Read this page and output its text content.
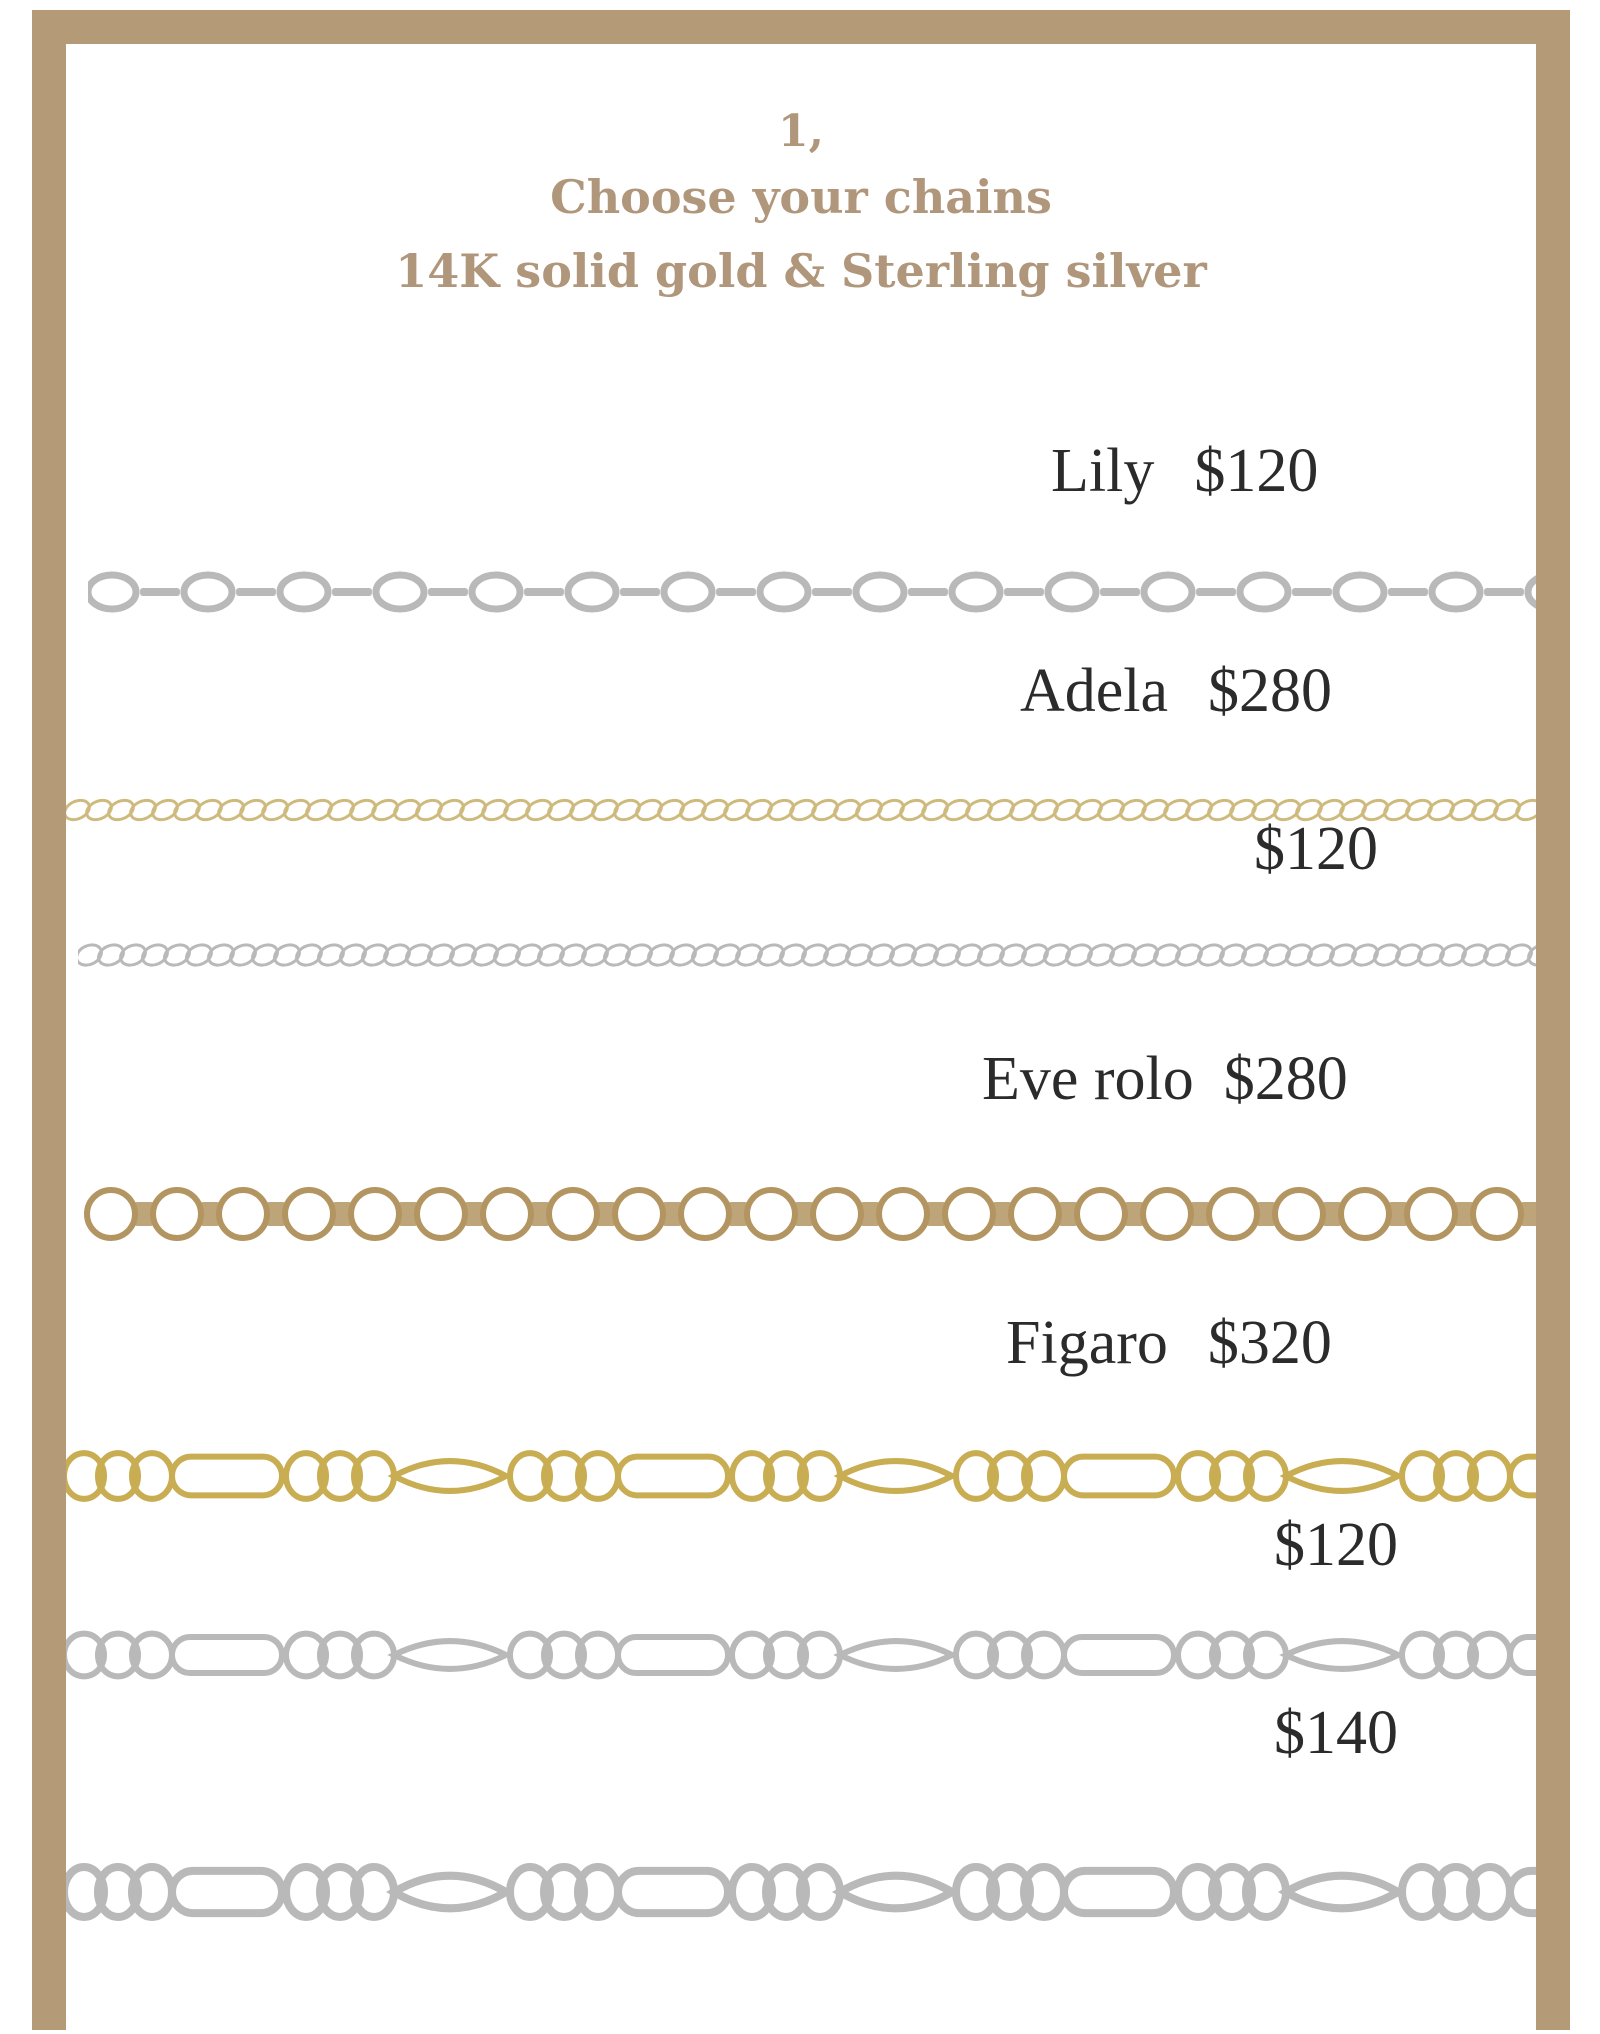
1,
Choose your chains
14K solid gold & Sterling silver
Lily $120
Adela $280
$120
Eve rolo $280
Figaro $320
$120
$140
